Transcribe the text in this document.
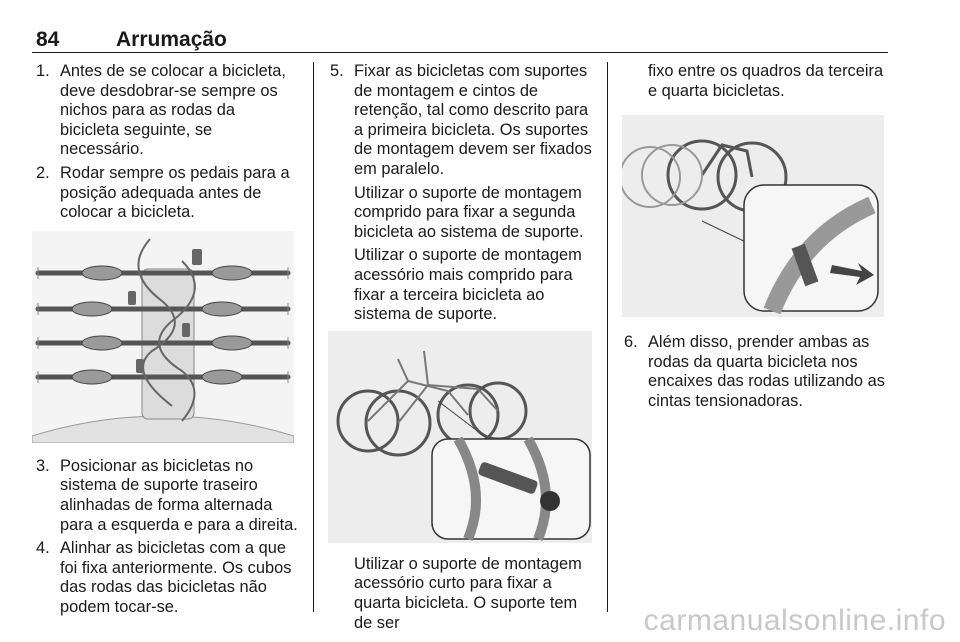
84	Arrumação
1. Antes de se colocar a bicicleta, deve desdobrar-se sempre os nichos para as rodas da bicicleta seguinte, se necessário.
2. Rodar sempre os pedais para a posição adequada antes de colocar a bicicleta.
3. Posicionar as bicicletas no sistema de suporte traseiro alinhadas de forma alternada para a esquerda e para a direita.
4. Alinhar as bicicletas com a que foi fixa anteriormente. Os cubos das rodas das bicicletas não podem tocar-se.
5. Fixar as bicicletas com suportes de montagem e cintos de retenção, tal como descrito para a primeira bicicleta. Os suportes de montagem devem ser fixados em paralelo.
Utilizar o suporte de montagem comprido para fixar a segunda bicicleta ao sistema de suporte.
Utilizar o suporte de montagem acessório mais comprido para fixar a terceira bicicleta ao sistema de suporte.
Utilizar o suporte de montagem acessório curto para fixar a quarta bicicleta. O suporte tem de ser
fixo entre os quadros da terceira e quarta bicicletas.
6. Além disso, prender ambas as rodas da quarta bicicleta nos encaixes das rodas utilizando as cintas tensionadoras.
carmanualsonline.info
